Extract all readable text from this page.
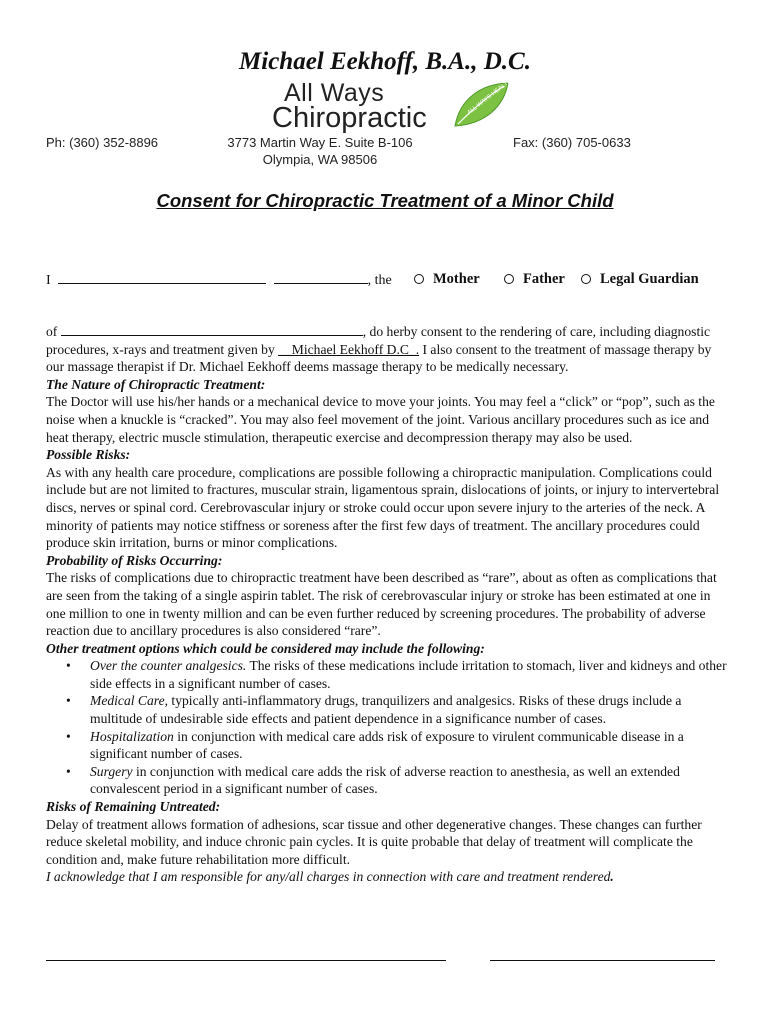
Michael Eekhoff, B.A., D.C.
All Ways
Chiropractic
ALL WAYS HEALTHY
Ph: (360) 352-8896	3773 Martin Way E. Suite B-106
Olympia, WA 98506
Fax: (360) 705-0633
Consent for Chiropractic Treatment of a Minor Child
I	, the	Mother	Father Legal Guardian

of	, do herby consent to the rendering of care, including diagnostic procedures, x-rays and treatment given by __Michael Eekhoff D.C_. I also consent to the treatment of massage therapy by our massage therapist if Dr. Michael Eekhoff deems massage therapy to be medically necessary.

The Nature of Chiropractic Treatment:

The Doctor will use his/her hands or a mechanical device to move your joints. You may feel a “click” or “pop”, such as the noise when a knuckle is “cracked”. You may also feel movement of the joint. Various ancillary procedures such as ice and heat therapy, electric muscle stimulation, therapeutic exercise and decompression therapy may also be used.

Possible Risks:

As with any health care procedure, complications are possible following a chiropractic manipulation. Complications could include but are not limited to fractures, muscular strain, ligamentous sprain, dislocations of joints, or injury to intervertebral discs, nerves or spinal cord. Cerebrovascular injury or stroke could occur upon severe injury to the arteries of the neck. A minority of patients may notice stiffness or soreness after the first few days of treatment. The ancillary procedures could produce skin irritation, burns or minor complications.

Probability of Risks Occurring:

The risks of complications due to chiropractic treatment have been described as “rare”, about as often as complications that are seen from the taking of a single aspirin tablet. The risk of cerebrovascular injury or stroke has been estimated at one in one million to one in twenty million and can be even further reduced by screening procedures. The probability of adverse reaction due to ancillary procedures is also considered “rare”.

Other treatment options which could be considered may include the following:

• Over the counter analgesics. The risks of these medications include irritation to stomach, liver and kidneys and other side effects in a significant number of cases.
• Medical Care, typically anti-inflammatory drugs, tranquilizers and analgesics. Risks of these drugs include a multitude of undesirable side effects and patient dependence in a significance number of cases.
• Hospitalization in conjunction with medical care adds risk of exposure to virulent communicable disease in a significant number of cases.
• Surgery in conjunction with medical care adds the risk of adverse reaction to anesthesia, as well an extended convalescent period in a significant number of cases.

Risks of Remaining Untreated:

Delay of treatment allows formation of adhesions, scar tissue and other degenerative changes. These changes can further reduce skeletal mobility, and induce chronic pain cycles. It is quite probable that delay of treatment will complicate the condition and, make future rehabilitation more difficult.

I acknowledge that I am responsible for any/all charges in connection with care and treatment rendered.
